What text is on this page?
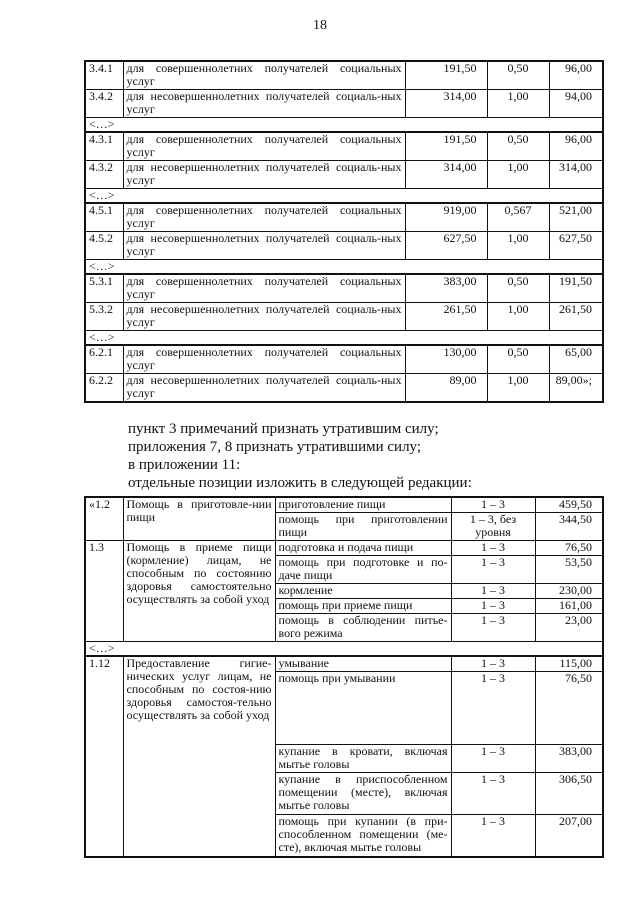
18
3.4.1	для совершеннолетних получателей социальных услуг	191,50	0,50	96,00
3.4.2	для несовершеннолетних получателей социаль-ных услуг	314,00	1,00	94,00
<…>				
4.3.1	для совершеннолетних получателей социальных услуг	191,50	0,50	96,00
4.3.2	для несовершеннолетних получателей социаль-ных услуг	314,00	1,00	314,00
<…>				
4.5.1	для совершеннолетних получателей социальных услуг	919,00	0,567	521,00
4.5.2	для несовершеннолетних получателей социаль-ных услуг	627,50	1,00	627,50
<…>				
5.3.1	для совершеннолетних получателей социальных услуг	383,00	0,50	191,50
5.3.2	для несовершеннолетних получателей социаль-ных услуг	261,50	1,00	261,50
<…>				
6.2.1	для совершеннолетних получателей социальных услуг	130,00	0,50	65,00
6.2.2	для несовершеннолетних получателей социаль-ных услуг	89,00	1,00	89,00»;
пункт 3 примечаний признать утратившим силу;
приложения 7, 8 признать утратившими силу;
в приложении 11:
отдельные позиции изложить в следующей редакции:
«1.2	Помощь в приготовле-нии пищи	приготовление пищи	1 – 3	459,50
		помощь при приготовлении пищи	1 – 3, без уровня	344,50
1.3	Помощь в приеме пищи (кормление) лицам, не способным по состоянию здоровья самостоятельно осуществлять за собой уход	подготовка и подача пищи	1 – 3	76,50
		помощь при подготовке и по-даче пищи	1 – 3	53,50
		кормление	1 – 3	230,00
		помощь при приеме пищи	1 – 3	161,00
		помощь в соблюдении питье-вого режима	1 – 3	23,00
<…>				
1.12	Предоставление гигие-нических услуг лицам, не способным по состоя-нию здоровья самостоя-тельно осуществлять за собой уход	умывание	1 – 3	115,00
		помощь при умывании	1 – 3	76,50
		купание в кровати, включая мытье головы	1 – 3	383,00
		купание в приспособленном помещении (месте), включая мытье головы	1 – 3	306,50
		помощь при купании (в при-способленном помещении (ме-сте), включая мытье головы	1 – 3	207,00
